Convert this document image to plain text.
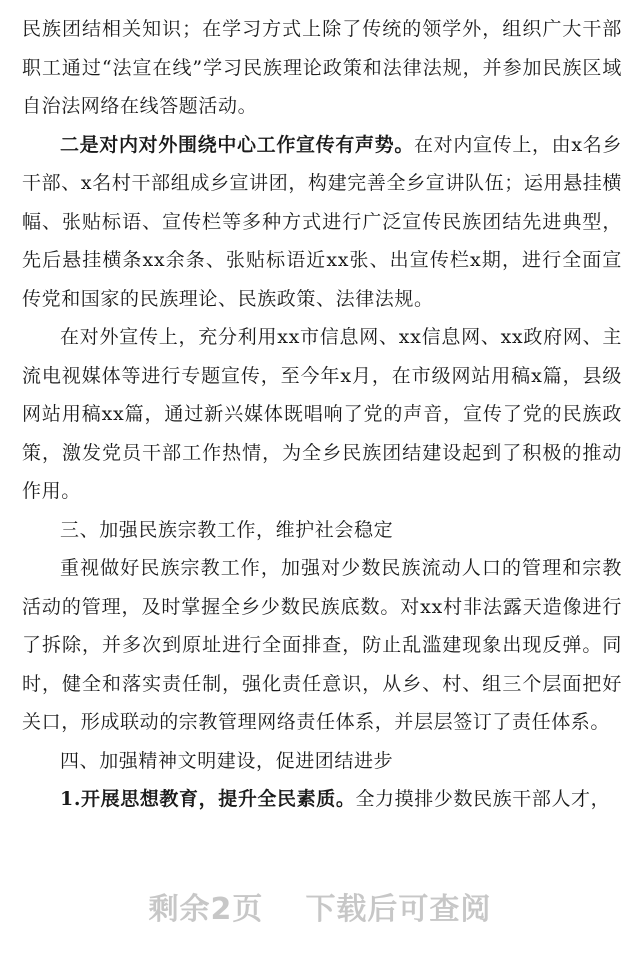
民族团结相关知识；在学习方式上除了传统的领学外，组织广大干部职工通过“法宣在线”学习民族理论政策和法律法规，并参加民族区域自治法网络在线答题活动。

二是对内对外围绕中心工作宣传有声势。在对内宣传上，由x名乡干部、x名村干部组成乡宣讲团，构建完善全乡宣讲队伍；运用悬挂横幅、张贴标语、宣传栏等多种方式进行广泛宣传民族团结先进典型，先后悬挂横条xx余条、张贴标语近xx张、出宣传栏x期，进行全面宣传党和国家的民族理论、民族政策、法律法规。

在对外宣传上，充分利用xx市信息网、xx信息网、xx政府网、主流电视媒体等进行专题宣传，至今年x月，在市级网站用稿x篇，县级网站用稿xx篇，通过新兴媒体既唱响了党的声音，宣传了党的民族政策，激发党员干部工作热情，为全乡民族团结建设起到了积极的推动作用。

三、加强民族宗教工作，维护社会稳定

重视做好民族宗教工作，加强对少数民族流动人口的管理和宗教活动的管理，及时掌握全乡少数民族底数。对xx村非法露天造像进行了拆除，并多次到原址进行全面排查，防止乱滥建现象出现反弹。同时，健全和落实责任制，强化责任意识，从乡、村、组三个层面把好关口，形成联动的宗教管理网络责任体系，并层层签订了责任体系。

四、加强精神文明建设，促进团结进步

1.开展思想教育，提升全民素质。全力摸排少数民族干部人才，

剩余2页 下载后可查阅
